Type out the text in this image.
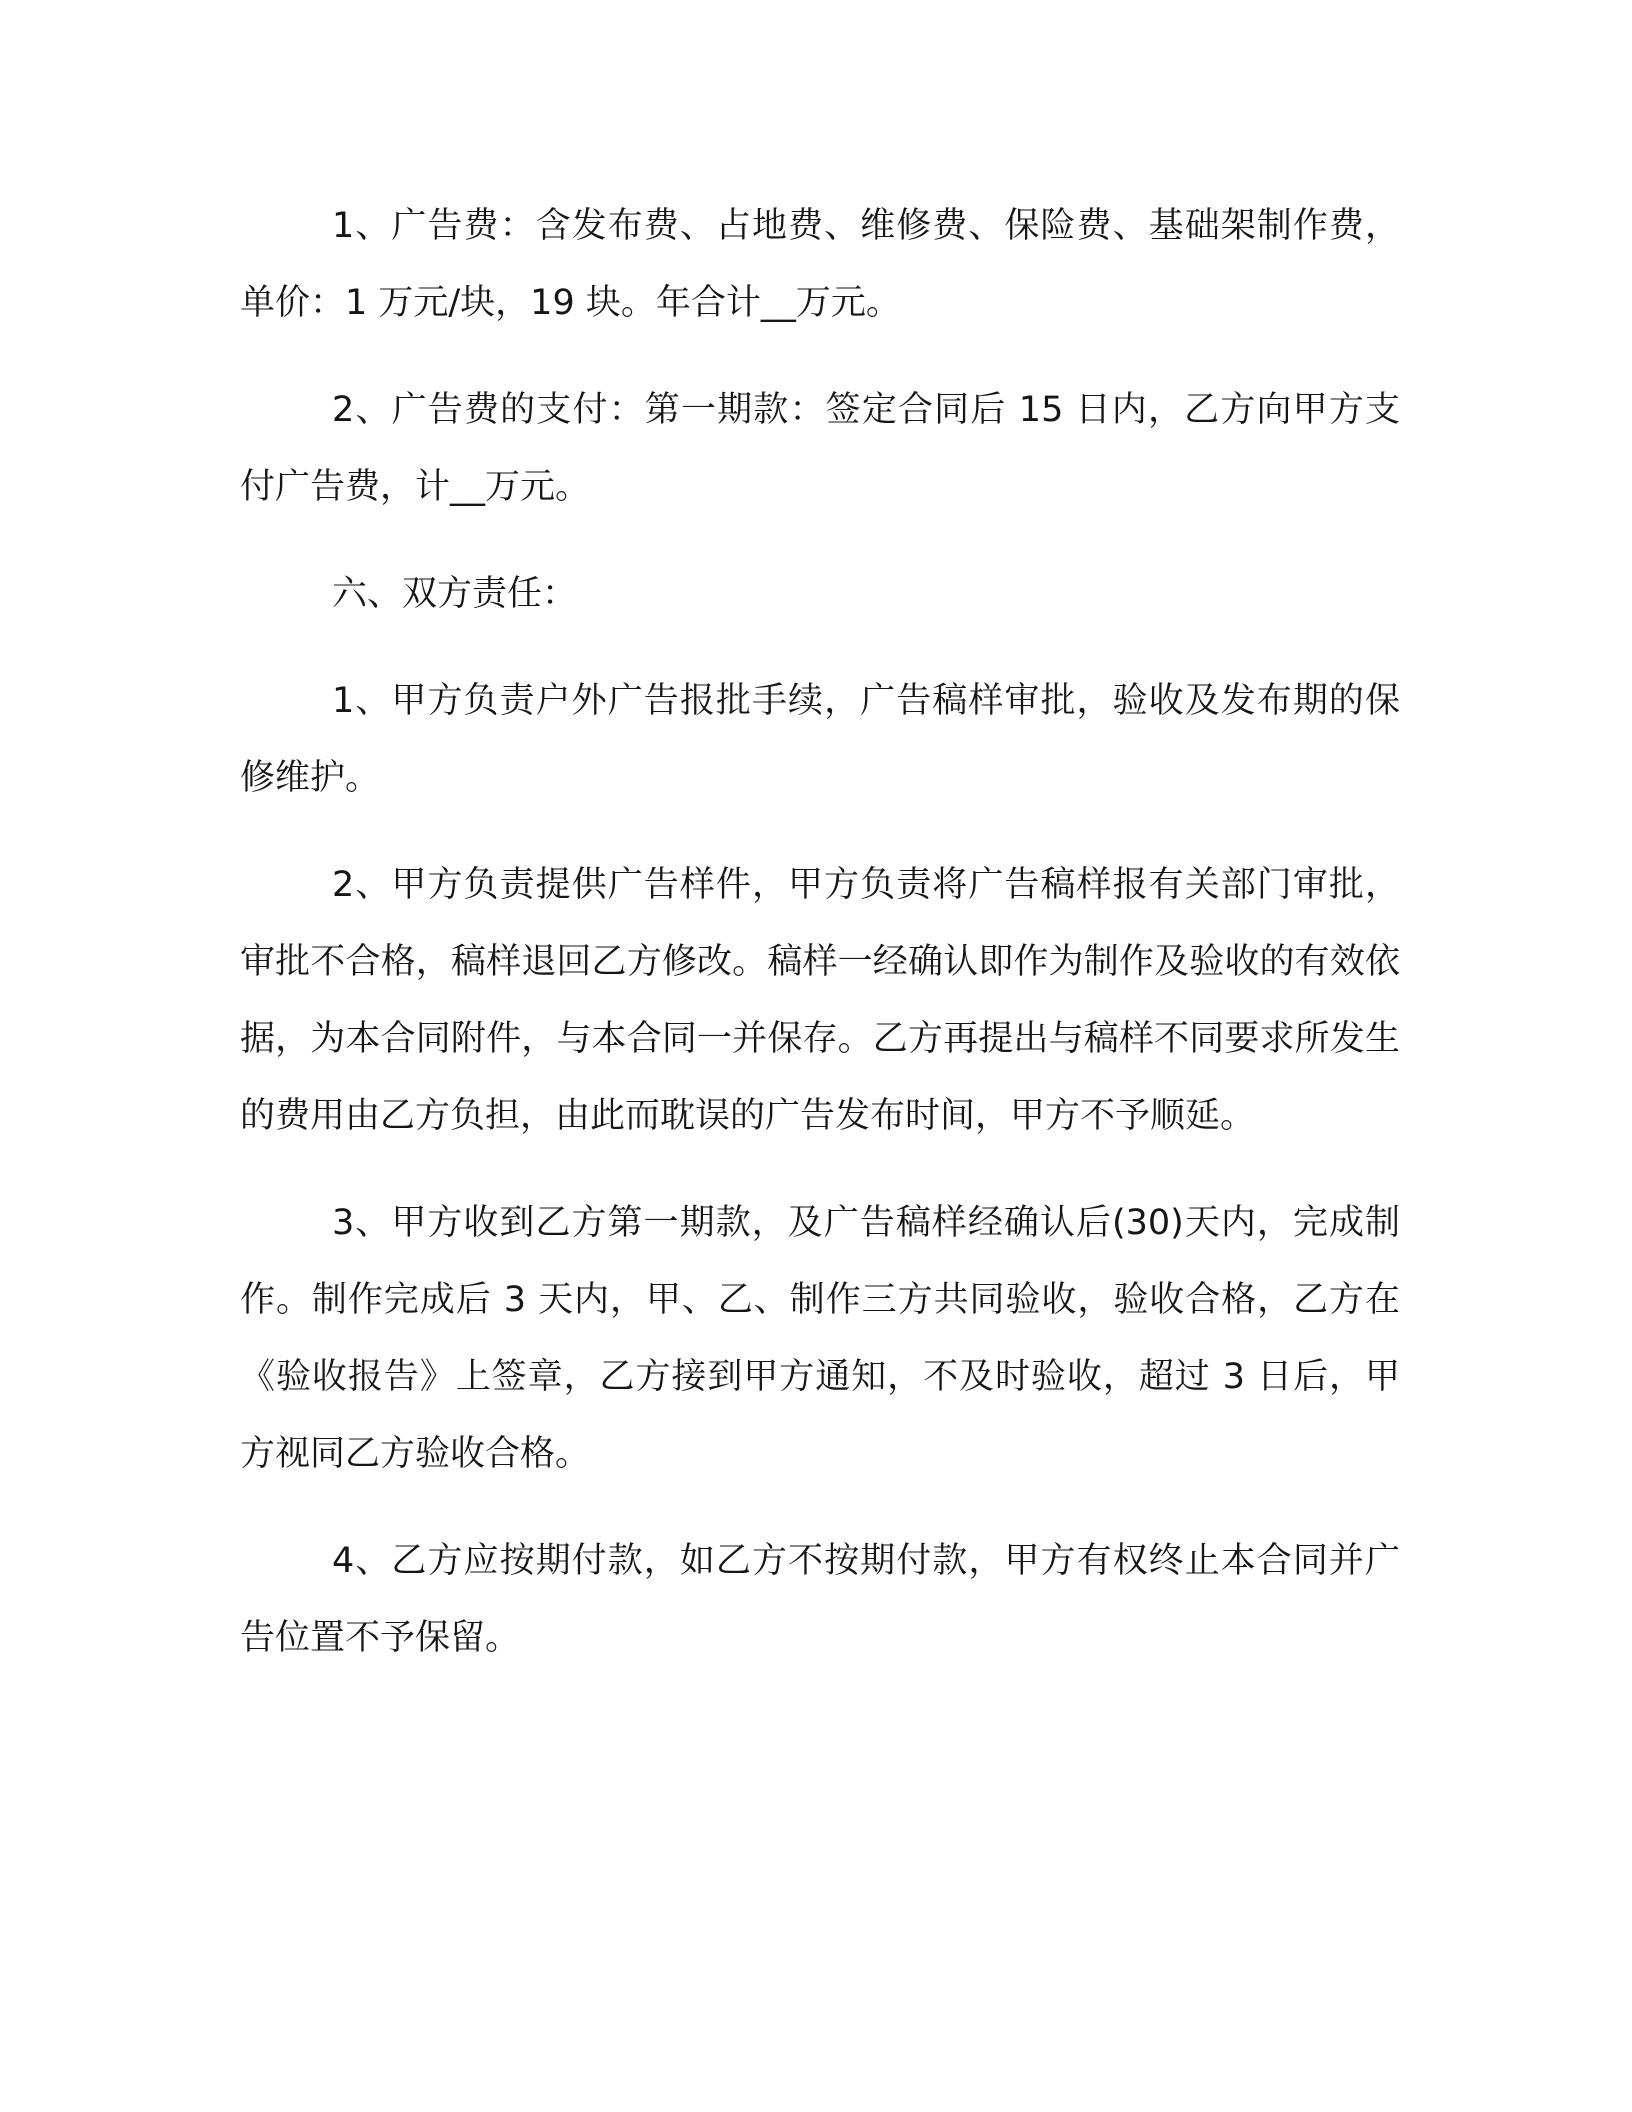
1、广告费：含发布费、占地费、维修费、保险费、基础架制作费，单价：1 万元/块，19 块。年合计__万元。

2、广告费的支付：第一期款：签定合同后 15 日内，乙方向甲方支付广告费，计__万元。

六、双方责任：

1、甲方负责户外广告报批手续，广告稿样审批，验收及发布期的保修维护。

2、甲方负责提供广告样件，甲方负责将广告稿样报有关部门审批，审批不合格，稿样退回乙方修改。稿样一经确认即作为制作及验收的有效依据，为本合同附件，与本合同一并保存。乙方再提出与稿样不同要求所发生的费用由乙方负担，由此而耽误的广告发布时间，甲方不予顺延。

3、甲方收到乙方第一期款，及广告稿样经确认后(30)天内，完成制作。制作完成后 3 天内，甲、乙、制作三方共同验收，验收合格，乙方在《验收报告》上签章，乙方接到甲方通知，不及时验收，超过 3 日后，甲方视同乙方验收合格。

4、乙方应按期付款，如乙方不按期付款，甲方有权终止本合同并广告位置不予保留。
